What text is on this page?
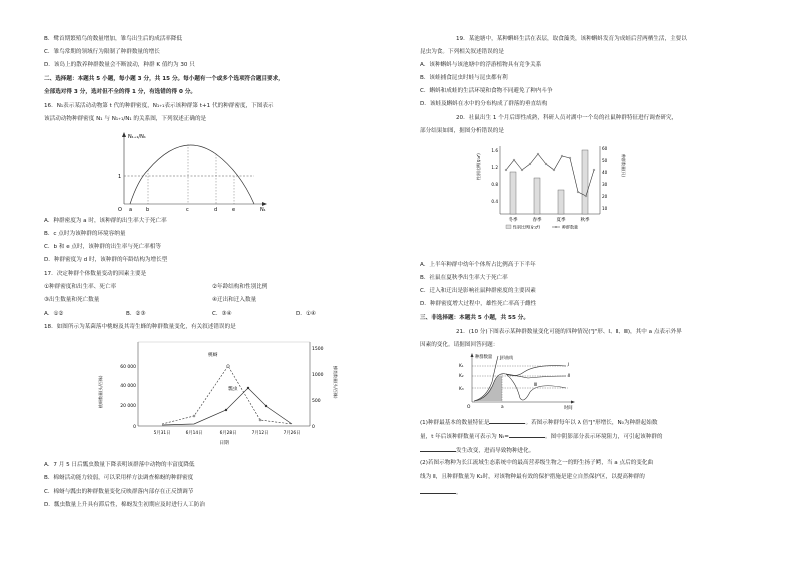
B．鹭首期繁殖鸟的数量增加，雏鸟出生后的成活率降低
C．雏鸟常期的领域行为限制了种群数量的增长
D．该岛上的散养种群数量会不断波动，种群 K 值约为 30 只
二、选择题：本题共 5 小题，每小题 3 分，共 15 分。每小题有一个或多个选项符合题目要求，
全部选对得 3 分，选对但不全的得 1 分，有选错的得 0 分。
16．N₁表示某活动动物第 t 代的种群密度，N₁₊₁表示该种群第 t+1 代的种群密度，下图表示
该活动动物种群密度 N₁ 与 N₁₊₁/N₁ 的关系图，下列叙述正确的是
N₁₊₁/N₁
1
O a	b	c	d	e	N₁
A．种群密度为 a 时，该种群的出生率大于死亡率
B．c 点时为该种群的环境容纳量
C．b 和 e 点时，该种群的出生率与死亡率相等
D．种群密度为 d 时，该种群的年龄结构为增长型
17．决定种群个体数量变动的因素主要是
①种群密度和出生率、死亡率	②年龄结构和性别比例
③出生数量和死亡数量	④迁出和迁入数量
A．①②	B．②③	C．③④	D．①④
18．如图所示为某菌落中桃蚜及其寄生蜂的种群数量变化，有关叙述错误的是
桃蚜数量(头/百株)	蜂类数量(头/百株)
60 000
40 000
20 000
0
1500
1000
500
0
桃蚜
瓢虫
5月31日	6月14日	6月28日	7月12日	7月26日
日期
A．7 月 5 日后瓢虫数量下降表明该群落中动物的丰富度降低
B．棉蚜活动能力较弱，可以采用样方法调查棉蚜的种群密度
C．棉蚜与瓢虫的种群数量变化反映群落内部存在正反馈调节
D．瓢虫数量上升具有滞后性，棉蚜发生初期应及时进行人工防治
19．某池塘中，某种蝌蚪生活在表层，取食藻类，该种蝌蚪发育为成蛙后营两栖生活，主要以
昆虫为食。下列相关叙述错误的是
A．该种蝌蚪与该池塘中的浮游植物具有竞争关系
B．该蛙捕食昆虫时蛙与昆虫都有利
C．蝌蚪和成蛙的生活环境和食物不同避免了种内斗争
D．该蛙及蝌蚪在水中的分布构成了群落的垂直结构
20．社鼠出生 1 个月后即性成熟，科研人员对湖中一个岛的社鼠种群特征进行调查研究，
部分结果如图，据图分析错误的是
性别比例(♀∶♂)	种群数量(只)
1.6
1.2
0.8
0.4
60
50
40
30
20
10
冬季	春季	夏季	秋季
性别比例(♀:♂)	种群数量
A．上半年种群中幼年个体所占比例高于下半年
B．社鼠在夏秋季出生率大于死亡率
C．迁入和迁出是影响社鼠种群密度的主要因素
D．种群密度增大过程中，雄性死亡率高于雌性
三、非选择题：本题共 5 小题，共 55 分。
21．(10 分)下图表示某种群数量变化可能的四种情况("J"形、Ⅰ、Ⅱ、Ⅲ)，其中 a 点表示外界
因素的变化。请据图回答问题：
种群数量
K₁
K₂
K₃
J形曲线
Ⅰ
Ⅱ
Ⅲ
O	a	时间
(1)种群最基本的数量特征是	。若图示种群每年以 λ 倍"J"形增长，N₀为种群起始数
量，t 年后该种群数量可表示为 Nₜ=	。图中阴影部分表示环境阻力，可引起该种群的
发生改变，进而导致物种进化。
(2)若图示物种为长江流域生态系统中的最高营养级生物之一的野生扬子鳄，当 a 点后的变化曲
线为 Ⅱ，且种群数量为 K₂时，对该物种最有效的保护措施是建立自然保护区，以提高种群的
。
